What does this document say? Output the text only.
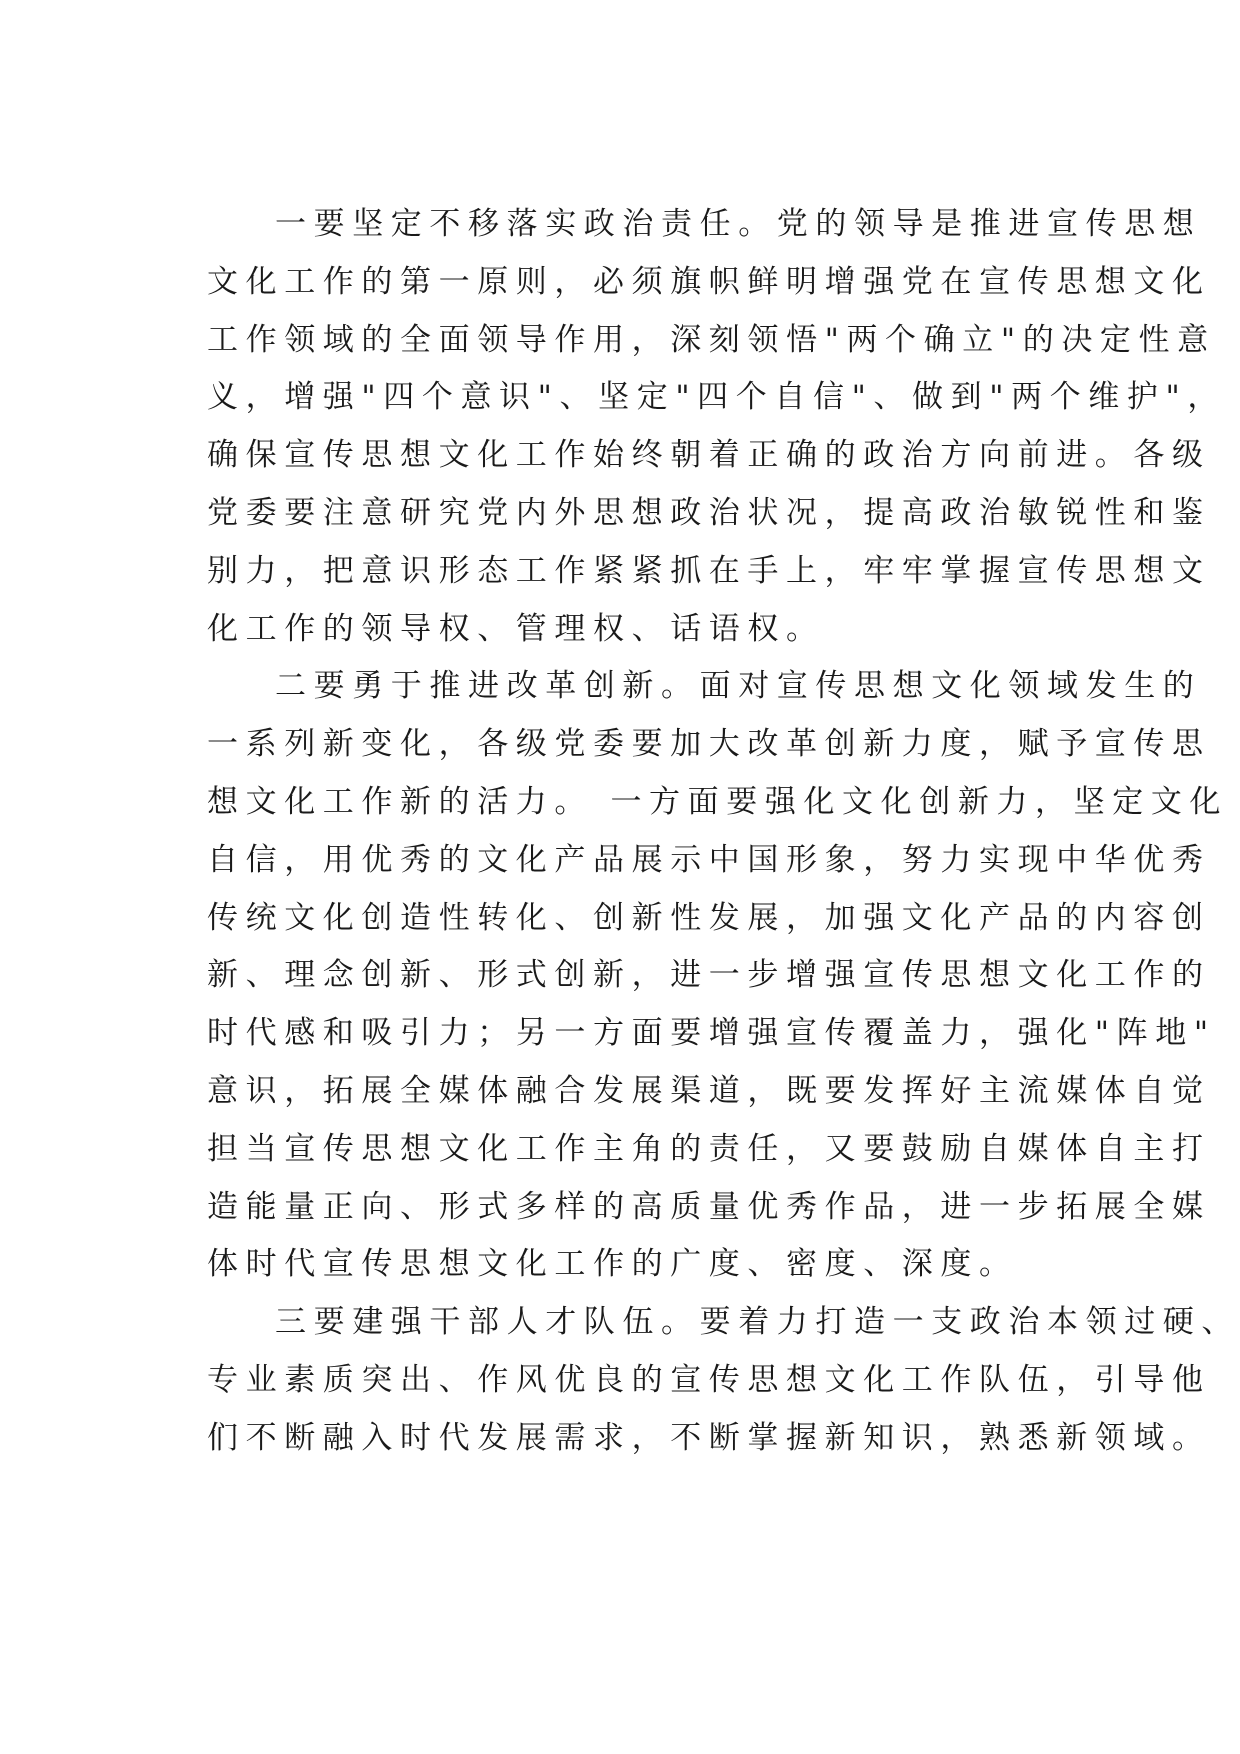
一要坚定不移落实政治责任。党的领导是推进宣传思想
文化工作的第一原则，必须旗帜鲜明增强党在宣传思想文化
工作领域的全面领导作用，深刻领悟"两个确立"的决定性意
义，增强"四个意识"、坚定"四个自信"、做到"两个维护"，
确保宣传思想文化工作始终朝着正确的政治方向前进。各级
党委要注意研究党内外思想政治状况，提高政治敏锐性和鉴
别力，把意识形态工作紧紧抓在手上，牢牢掌握宣传思想文
化工作的领导权、管理权、话语权。

二要勇于推进改革创新。面对宣传思想文化领域发生的
一系列新变化，各级党委要加大改革创新力度，赋予宣传思
想文化工作新的活力。 一方面要强化文化创新力，坚定文化
自信，用优秀的文化产品展示中国形象，努力实现中华优秀
传统文化创造性转化、创新性发展，加强文化产品的内容创
新、理念创新、形式创新，进一步增强宣传思想文化工作的
时代感和吸引力；另一方面要增强宣传覆盖力，强化"阵地"
意识，拓展全媒体融合发展渠道，既要发挥好主流媒体自觉
担当宣传思想文化工作主角的责任，又要鼓励自媒体自主打
造能量正向、形式多样的高质量优秀作品，进一步拓展全媒
体时代宣传思想文化工作的广度、密度、深度。

三要建强干部人才队伍。要着力打造一支政治本领过硬、
专业素质突出、作风优良的宣传思想文化工作队伍，引导他
们不断融入时代发展需求，不断掌握新知识，熟悉新领域。
